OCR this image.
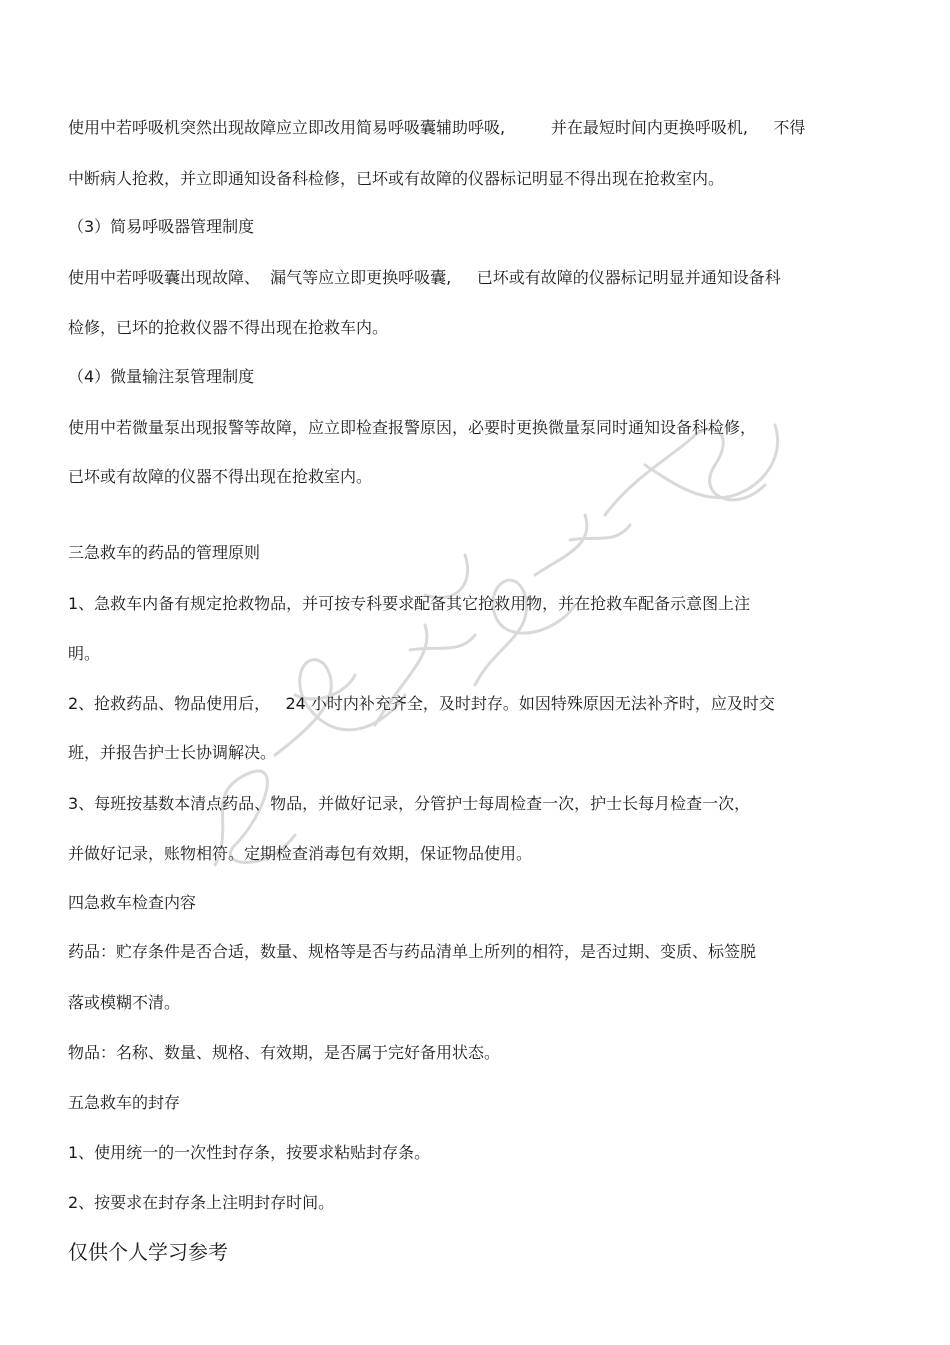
使用中若呼吸机突然出现故障应立即改用简易呼吸囊辅助呼吸,         并在最短时间内更换呼吸机,     不得

中断病人抢救，并立即通知设备科检修，已坏或有故障的仪器标记明显不得出现在抢救室内。

（3）简易呼吸器管理制度

使用中若呼吸囊出现故障、  漏气等应立即更换呼吸囊,     已坏或有故障的仪器标记明显并通知设备科

检修，已坏的抢救仪器不得出现在抢救车内。

（4）微量输注泵管理制度

使用中若微量泵出现报警等故障，应立即检查报警原因，必要时更换微量泵同时通知设备科检修，

已坏或有故障的仪器不得出现在抢救室内。

三急救车的药品的管理原则

1、急救车内备有规定抢救物品，并可按专科要求配备其它抢救用物，并在抢救车配备示意图上注

明。

2、抢救药品、物品使用后，   24 小时内补充齐全，及时封存。如因特殊原因无法补齐时，应及时交

班，并报告护士长协调解决。

3、每班按基数本清点药品、物品，并做好记录，分管护士每周检查一次，护士长每月检查一次，

并做好记录，账物相符。定期检查消毒包有效期，保证物品使用。

四急救车检查内容

药品：贮存条件是否合适，数量、规格等是否与药品清单上所列的相符，是否过期、变质、标签脱

落或模糊不清。

物品：名称、数量、规格、有效期，是否属于完好备用状态。

五急救车的封存

1、使用统一的一次性封存条，按要求粘贴封存条。

2、按要求在封存条上注明封存时间。

仅供个人学习参考
